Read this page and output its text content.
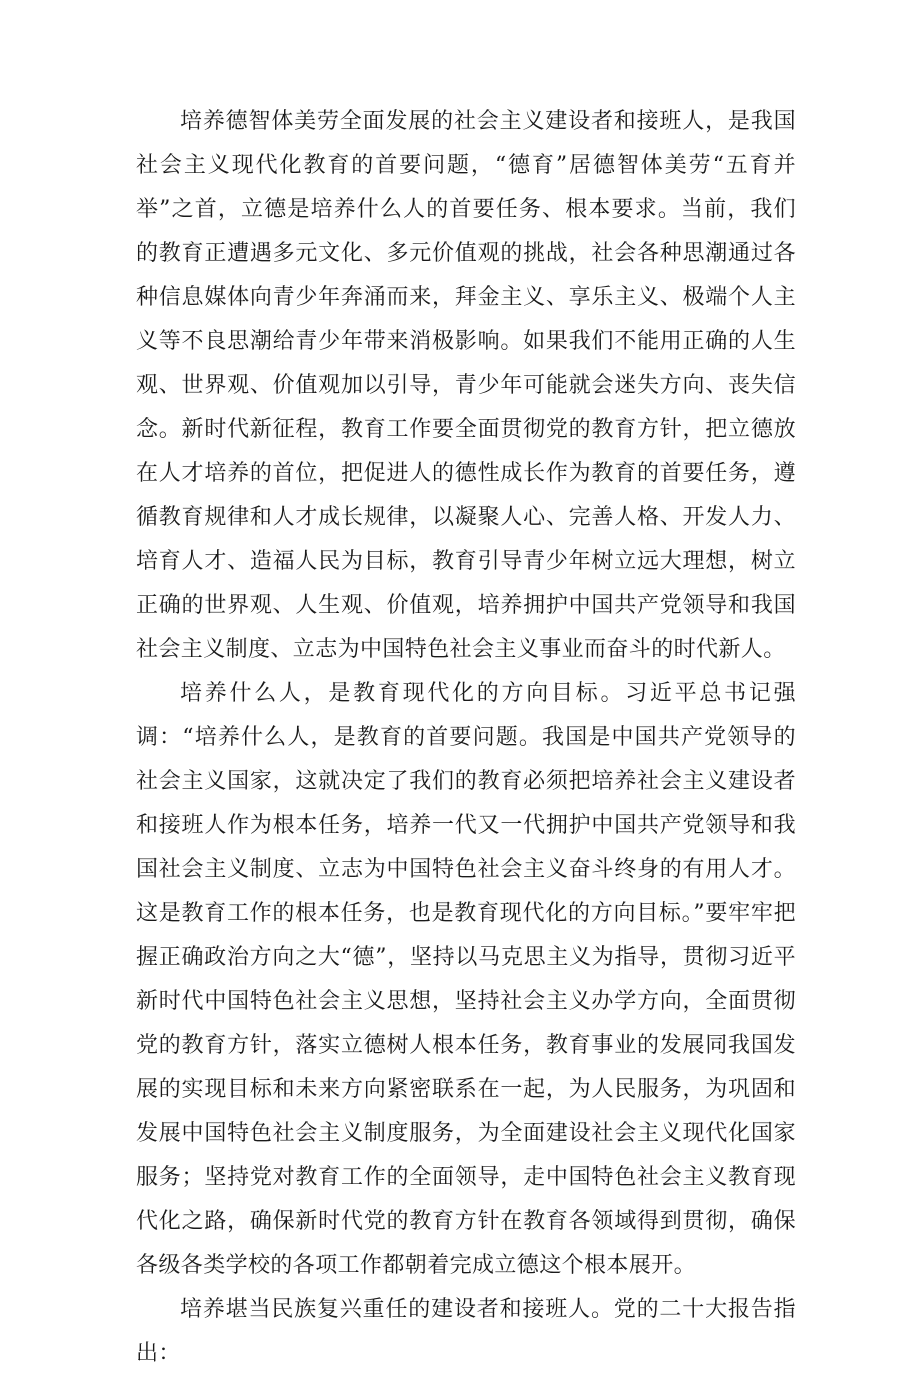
培养德智体美劳全面发展的社会主义建设者和接班人，是我国社会主义现代化教育的首要问题，“德育”居德智体美劳“五育并举”之首，立德是培养什么人的首要任务、根本要求。当前，我们的教育正遭遇多元文化、多元价值观的挑战，社会各种思潮通过各种信息媒体向青少年奔涌而来，拜金主义、享乐主义、极端个人主义等不良思潮给青少年带来消极影响。如果我们不能用正确的人生观、世界观、价值观加以引导，青少年可能就会迷失方向、丧失信念。新时代新征程，教育工作要全面贯彻党的教育方针，把立德放在人才培养的首位，把促进人的德性成长作为教育的首要任务，遵循教育规律和人才成长规律，以凝聚人心、完善人格、开发人力、培育人才、造福人民为目标，教育引导青少年树立远大理想，树立正确的世界观、人生观、价值观，培养拥护中国共产党领导和我国社会主义制度、立志为中国特色社会主义事业而奋斗的时代新人。

培养什么人，是教育现代化的方向目标。习近平总书记强调：“培养什么人，是教育的首要问题。我国是中国共产党领导的社会主义国家，这就决定了我们的教育必须把培养社会主义建设者和接班人作为根本任务，培养一代又一代拥护中国共产党领导和我国社会主义制度、立志为中国特色社会主义奋斗终身的有用人才。这是教育工作的根本任务，也是教育现代化的方向目标。”要牢牢把握正确政治方向之大“德”，坚持以马克思主义为指导，贯彻习近平新时代中国特色社会主义思想，坚持社会主义办学方向，全面贯彻党的教育方针，落实立德树人根本任务，教育事业的发展同我国发展的实现目标和未来方向紧密联系在一起，为人民服务，为巩固和发展中国特色社会主义制度服务，为全面建设社会主义现代化国家服务；坚持党对教育工作的全面领导，走中国特色社会主义教育现代化之路，确保新时代党的教育方针在教育各领域得到贯彻，确保各级各类学校的各项工作都朝着完成立德这个根本展开。

培养堪当民族复兴重任的建设者和接班人。党的二十大报告指出：
